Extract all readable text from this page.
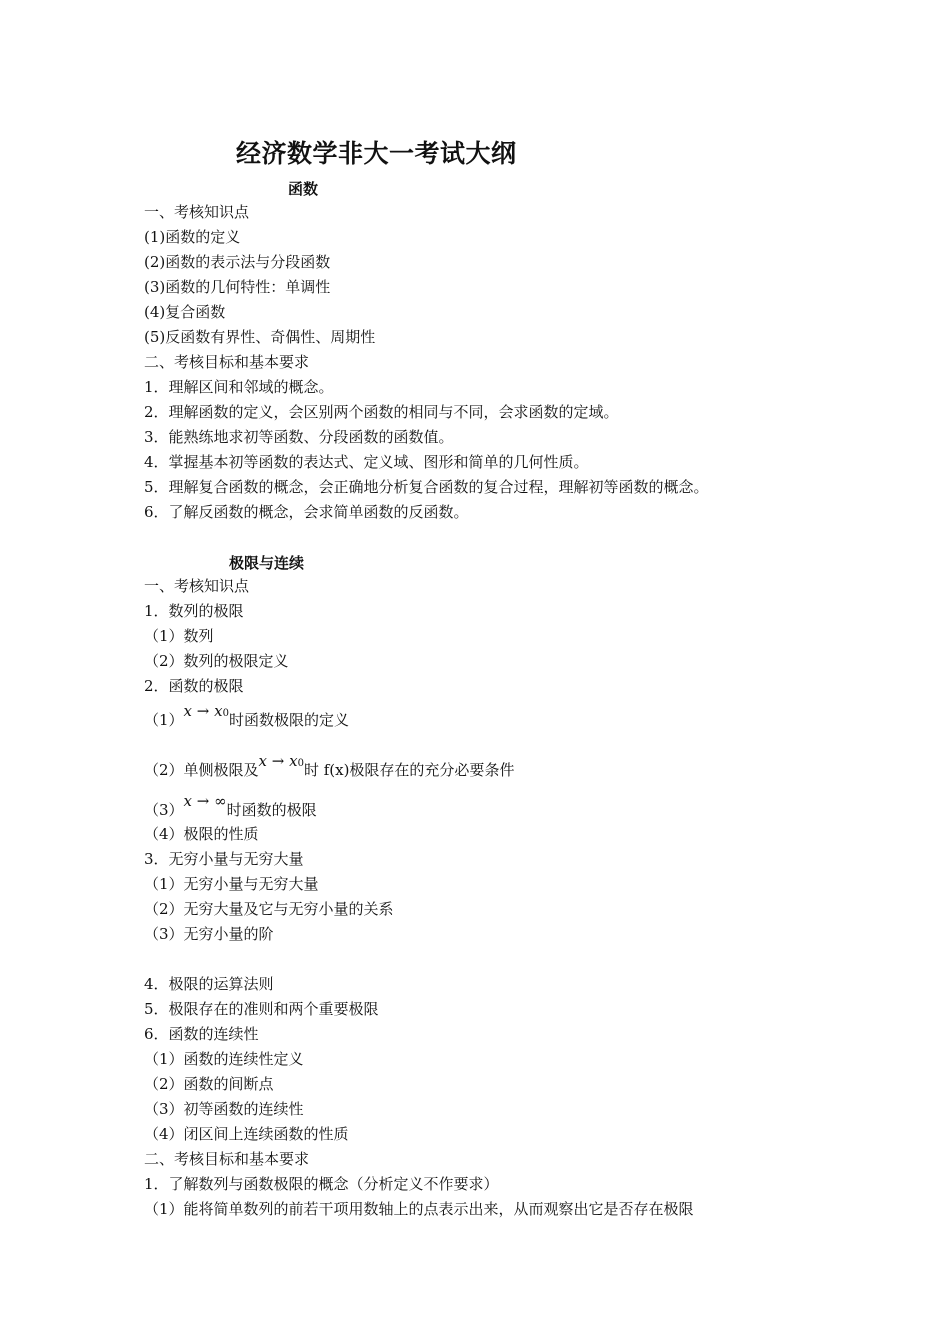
经济数学非大一考试大纲
函数
一、考核知识点
(1)函数的定义
(2)函数的表示法与分段函数
(3)函数的几何特性：单调性
(4)复合函数
(5)反函数有界性、奇偶性、周期性
二、考核目标和基本要求
1．理解区间和邻域的概念。
2．理解函数的定义，会区别两个函数的相同与不同，会求函数的定域。
3．能熟练地求初等函数、分段函数的函数值。
4．掌握基本初等函数的表达式、定义域、图形和简单的几何性质。
5．理解复合函数的概念，会正确地分析复合函数的复合过程，理解初等函数的概念。
6．了解反函数的概念，会求简单函数的反函数。
极限与连续
一、考核知识点
1．数列的极限
（1）数列
（2）数列的极限定义
2．函数的极限
$(1)x \to x^0$时函数极限的定义
（2）单侧极限及$x \to x^0$时 f(x)极限存在的充分必要条件
（3）x → ∞时函数的极限
（4）极限的性质
3．无穷小量与无穷大量
（1）无穷小量与无穷大量
（2）无穷大量及它与无穷小量的关系
（3）无穷小量的阶
4．极限的运算法则
5．极限存在的准则和两个重要极限
6．函数的连续性
（1）函数的连续性定义
（2）函数的间断点
（3）初等函数的连续性
（4）闭区间上连续函数的性质
二、考核目标和基本要求
1．了解数列与函数极限的概念（分析定义不作要求）
（1）能将简单数列的前若干项用数轴上的点表示出来，从而观察出它是否存在极限
